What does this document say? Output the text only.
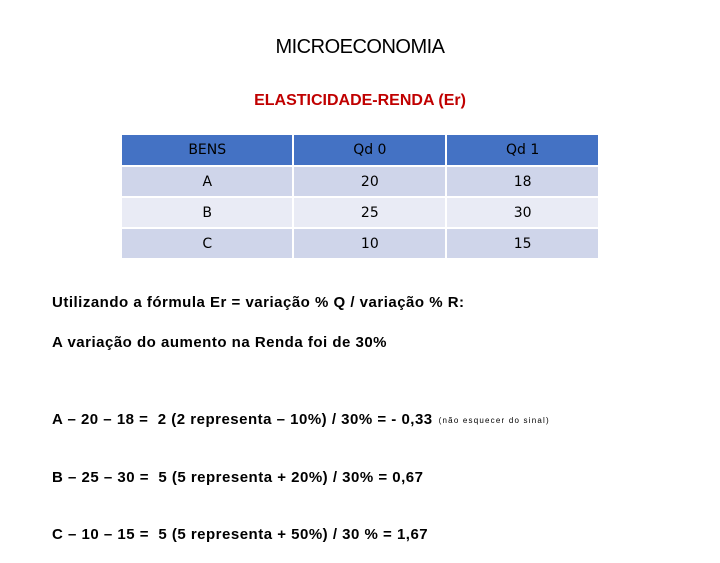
MICROECONOMIA
ELASTICIDADE-RENDA (Er)
BENS	Qd 0	Qd 1
A	20	18
B	25	30
C	10	15
Utilizando a fórmula Er = variação % Q / variação % R:
A variação do aumento na Renda foi de 30%

A – 20 – 18 =  2 (2 representa – 10%) / 30% = - 0,33 (não esquecer do sinal)

B – 25 – 30 =  5 (5 representa + 20%) / 30% = 0,67

C – 10 – 15 =  5 (5 representa + 50%) / 30 % = 1,67
